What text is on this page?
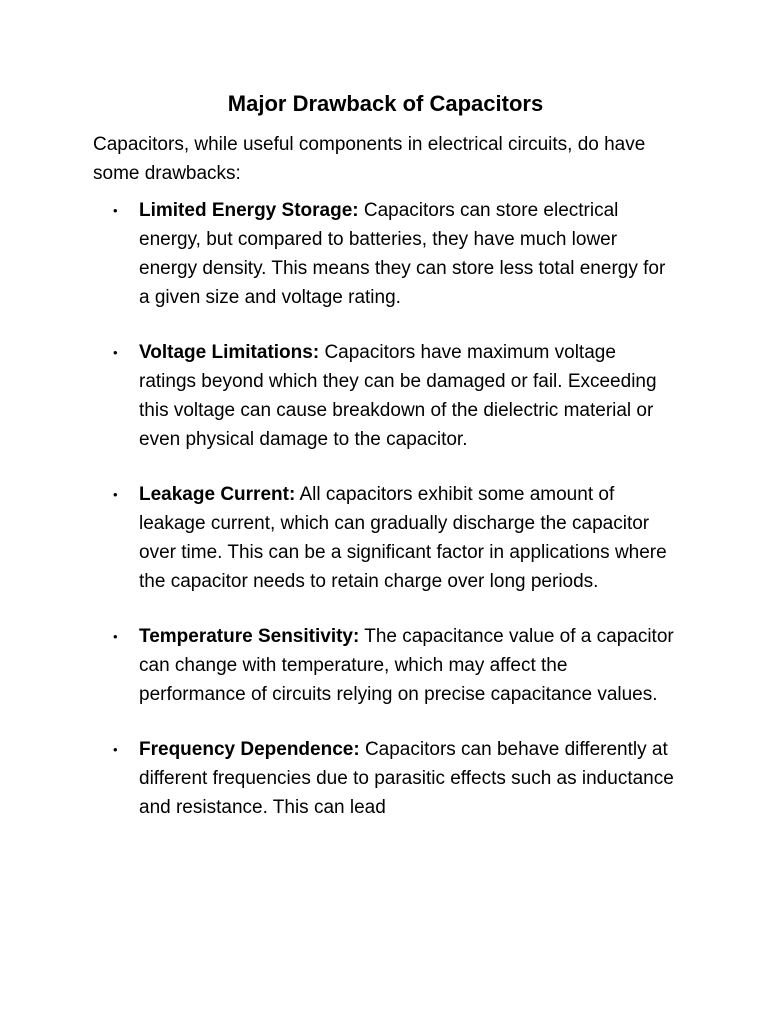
Major Drawback of Capacitors

Capacitors, while useful components in electrical circuits, do have some drawbacks:

• Limited Energy Storage: Capacitors can store electrical energy, but compared to batteries, they have much lower energy density. This means they can store less total energy for a given size and voltage rating.
• Voltage Limitations: Capacitors have maximum voltage ratings beyond which they can be damaged or fail. Exceeding this voltage can cause breakdown of the dielectric material or even physical damage to the capacitor.
• Leakage Current: All capacitors exhibit some amount of leakage current, which can gradually discharge the capacitor over time. This can be a significant factor in applications where the capacitor needs to retain charge over long periods.
• Temperature Sensitivity: The capacitance value of a capacitor can change with temperature, which may affect the performance of circuits relying on precise capacitance values.
• Frequency Dependence: Capacitors can behave differently at different frequencies due to parasitic effects such as inductance and resistance. This can lead
